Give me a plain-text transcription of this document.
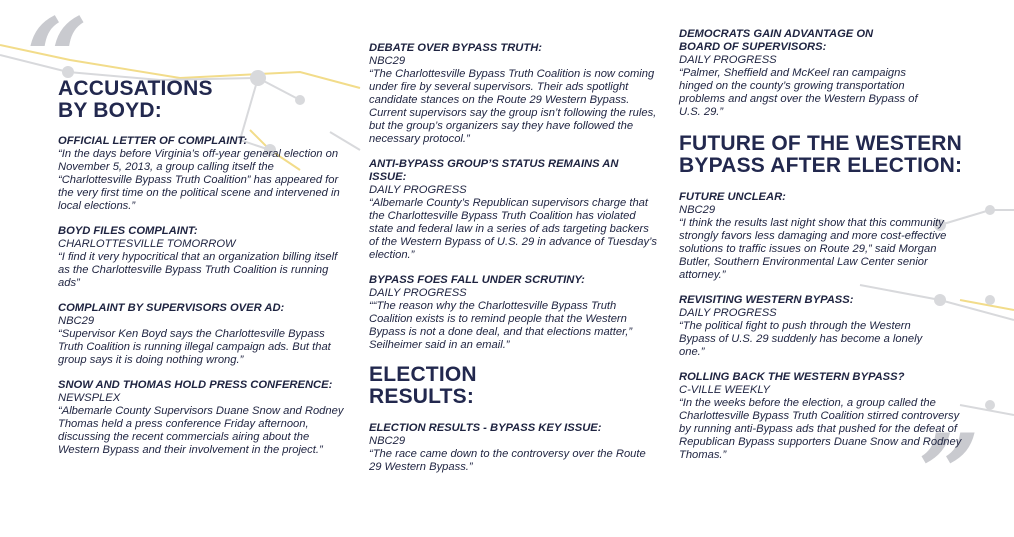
“
”
ACCUSATIONS
BY BOYD:
OFFICIAL LETTER OF COMPLAINT:
“In the days before Virginia’s off-year general election on November 5, 2013, a group calling itself the “Charlottesville Bypass Truth Coalition” has appeared for the very first time on the political scene and intervened in local elections.”
BOYD FILES COMPLAINT:
CHARLOTTESVILLE TOMORROW
“I find it very hypocritical that an organization billing itself as the Charlottesville Bypass Truth Coalition is running ads”
COMPLAINT BY SUPERVISORS OVER AD:
NBC29
“Supervisor Ken Boyd says the Charlottesville Bypass Truth Coalition is running illegal campaign ads. But that group says it is doing nothing wrong.”
SNOW AND THOMAS HOLD PRESS CONFERENCE:
NEWSPLEX
“Albemarle County Supervisors Duane Snow and Rodney Thomas held a press conference Friday afternoon, discussing the recent commercials airing about the Western Bypass and their involvement in the project.”
DEBATE OVER BYPASS TRUTH:
NBC29
“The Charlottesville Bypass Truth Coalition is now coming under fire by several supervisors. Their ads spotlight candidate stances on the Route 29 Western Bypass. Current supervisors say the group isn’t following the rules, but the group’s organizers say they have followed the necessary protocol.”
ANTI-BYPASS GROUP’S STATUS REMAINS AN ISSUE:
DAILY PROGRESS
“Albemarle County’s Republican supervisors charge that the Charlottesville Bypass Truth Coalition has violated state and federal law in a series of ads targeting backers of the Western Bypass of U.S. 29 in advance of Tuesday’s election.”
BYPASS FOES FALL UNDER SCRUTINY:
DAILY PROGRESS
““The reason why the Charlottesville Bypass Truth Coalition exists is to remind people that the Western Bypass is not a done deal, and that elections matter,” Seilheimer said in an email.”
ELECTION
RESULTS:
ELECTION RESULTS - BYPASS KEY ISSUE:
NBC29
“The race came down to the controversy over the Route 29 Western Bypass.”
DEMOCRATS GAIN ADVANTAGE ON BOARD OF SUPERVISORS:
DAILY PROGRESS
“Palmer, Sheffield and McKeel ran campaigns hinged on the county’s growing transportation problems and angst over the Western Bypass of U.S. 29.”
FUTURE OF THE WESTERN
BYPASS AFTER ELECTION:
FUTURE UNCLEAR:
NBC29
“I think the results last night show that this community strongly favors less damaging and more cost-effective solutions to traffic issues on Route 29,” said Morgan Butler, Southern Environmental Law Center senior attorney.”
REVISITING WESTERN BYPASS:
DAILY PROGRESS
“The political fight to push through the Western Bypass of U.S. 29 suddenly has become a lonely one.”
ROLLING BACK THE WESTERN BYPASS?
C-VILLE WEEKLY
“In the weeks before the election, a group called the Charlottesville Bypass Truth Coalition stirred controversy by running anti-Bypass ads that pushed for the defeat of Republican Bypass supporters Duane Snow and Rodney Thomas.”
